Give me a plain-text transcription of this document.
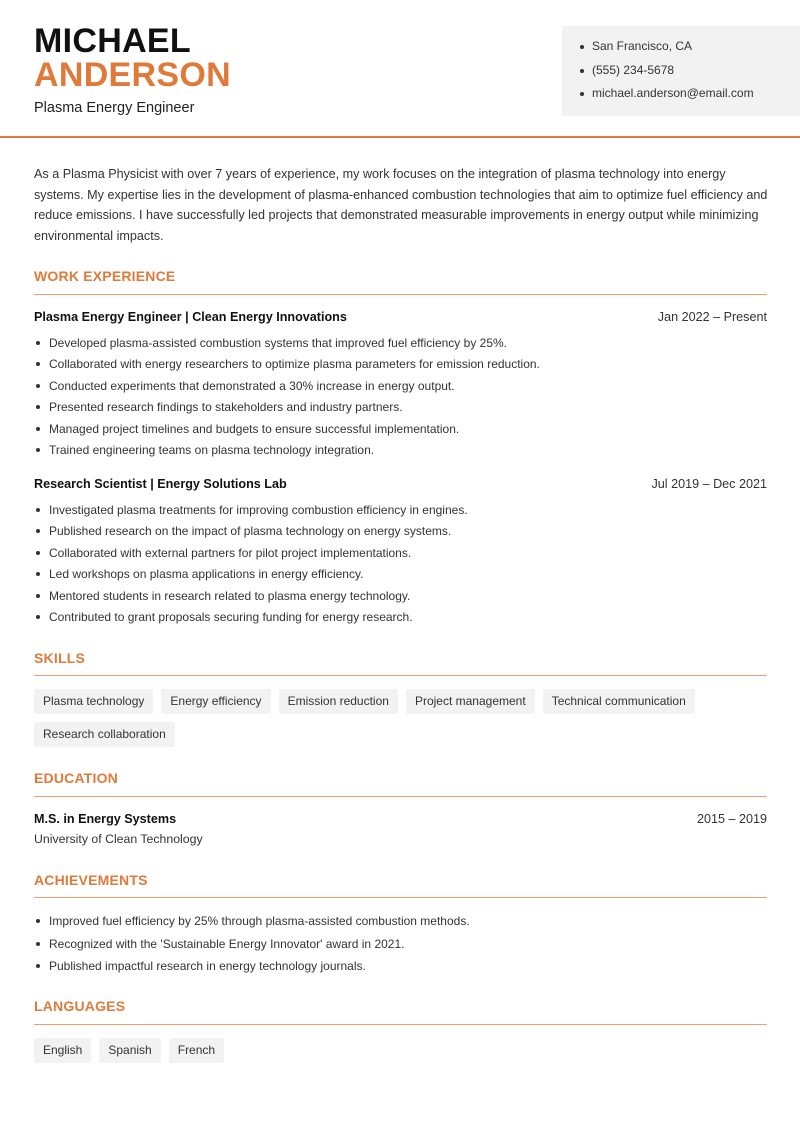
MICHAEL
ANDERSON
Plasma Energy Engineer
San Francisco, CA
(555) 234-5678
michael.anderson@email.com

As a Plasma Physicist with over 7 years of experience, my work focuses on the integration of plasma technology into energy systems. My expertise lies in the development of plasma-enhanced combustion technologies that aim to optimize fuel efficiency and reduce emissions. I have successfully led projects that demonstrated measurable improvements in energy output while minimizing environmental impacts.

WORK EXPERIENCE
Plasma Energy Engineer | Clean Energy Innovations	Jan 2022 – Present
Developed plasma-assisted combustion systems that improved fuel efficiency by 25%.
Collaborated with energy researchers to optimize plasma parameters for emission reduction.
Conducted experiments that demonstrated a 30% increase in energy output.
Presented research findings to stakeholders and industry partners.
Managed project timelines and budgets to ensure successful implementation.
Trained engineering teams on plasma technology integration.
Research Scientist | Energy Solutions Lab	Jul 2019 – Dec 2021
Investigated plasma treatments for improving combustion efficiency in engines.
Published research on the impact of plasma technology on energy systems.
Collaborated with external partners for pilot project implementations.
Led workshops on plasma applications in energy efficiency.
Mentored students in research related to plasma energy technology.
Contributed to grant proposals securing funding for energy research.
SKILLS
Plasma technology	Energy efficiency	Emission reduction	Project management	Technical communication
Research collaboration
EDUCATION
M.S. in Energy Systems	2015 – 2019
University of Clean Technology
ACHIEVEMENTS
Improved fuel efficiency by 25% through plasma-assisted combustion methods.
Recognized with the 'Sustainable Energy Innovator' award in 2021.
Published impactful research in energy technology journals.
LANGUAGES
English	Spanish	French
